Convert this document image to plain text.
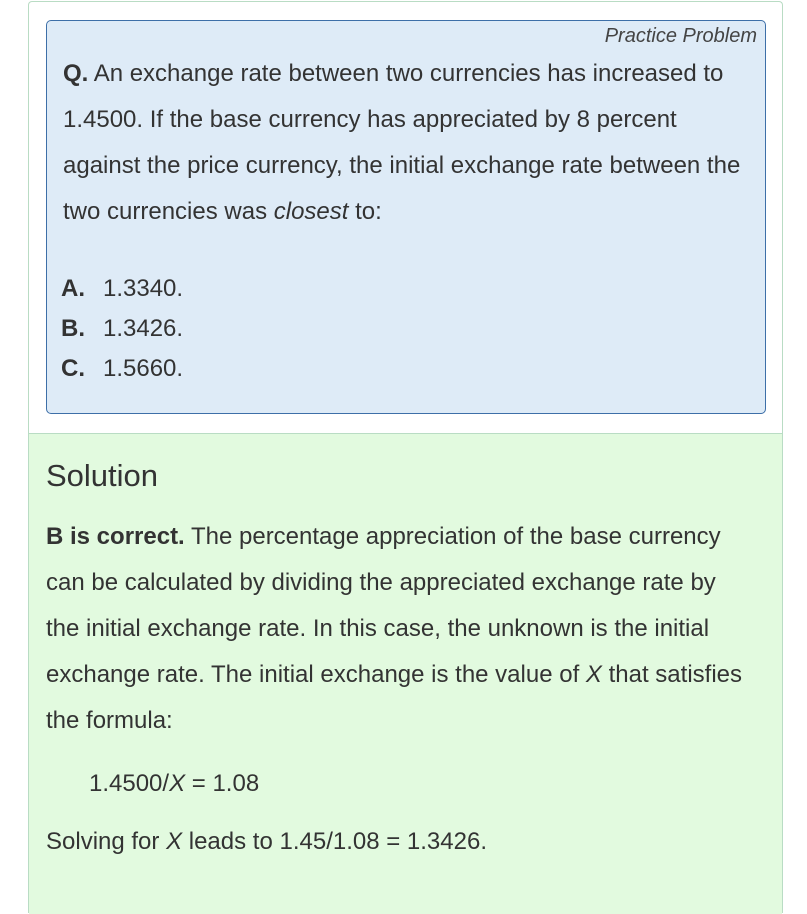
Practice Problem
Q. An exchange rate between two currencies has increased to 1.4500. If the base currency has appreciated by 8 percent against the price currency, the initial exchange rate between the two currencies was closest to:
A. 1.3340.
B. 1.3426.
C. 1.5660.
Solution
B is correct. The percentage appreciation of the base currency can be calculated by dividing the appreciated exchange rate by the initial exchange rate. In this case, the unknown is the initial exchange rate. The initial exchange is the value of X that satisfies the formula:
1.4500/X = 1.08
Solving for X leads to 1.45/1.08 = 1.3426.
